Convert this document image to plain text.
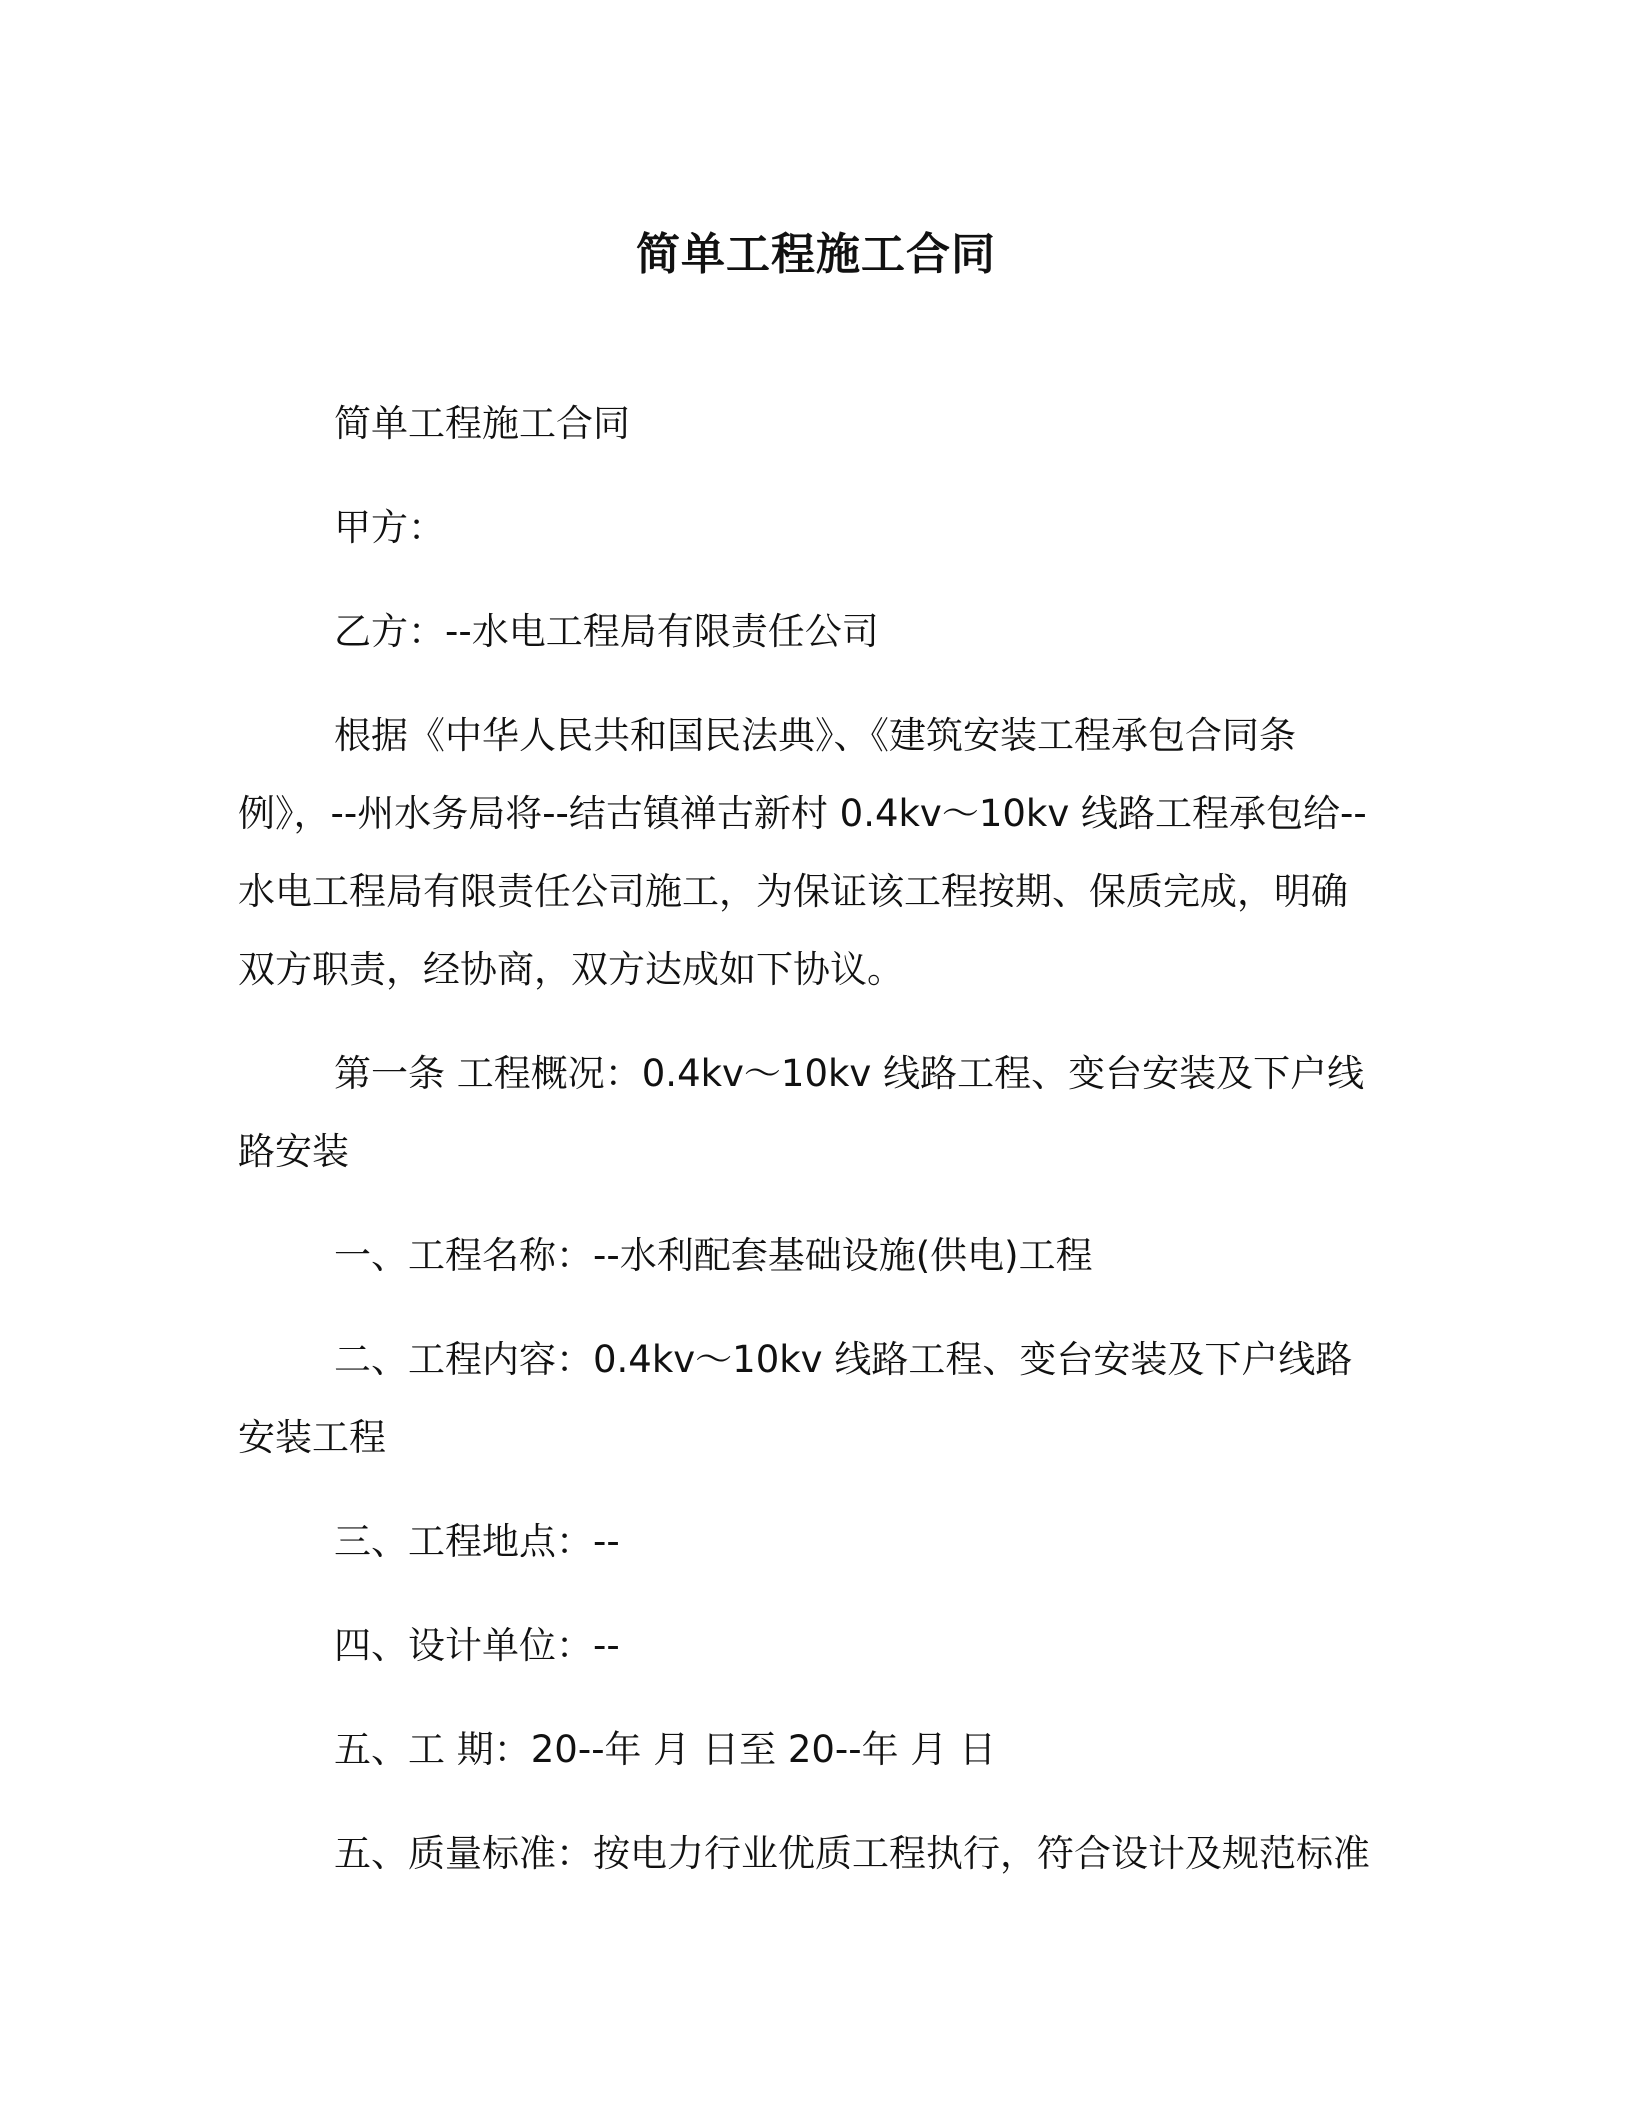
简单工程施工合同

简单工程施工合同

甲方：

乙方：--水电工程局有限责任公司

根据《中华人民共和国民法典》、《建筑安装工程承包合同条例》，--州水务局将--结古镇禅古新村 0.4kv～10kv 线路工程承包给--水电工程局有限责任公司施工，为保证该工程按期、保质完成，明确双方职责，经协商，双方达成如下协议。

第一条 工程概况：0.4kv～10kv 线路工程、变台安装及下户线路安装

一、工程名称：--水利配套基础设施(供电)工程

二、工程内容：0.4kv～10kv 线路工程、变台安装及下户线路安装工程

三、工程地点：--

四、设计单位：--

五、工 期：20--年 月 日至 20--年 月 日

五、质量标准：按电力行业优质工程执行，符合设计及规范标准
